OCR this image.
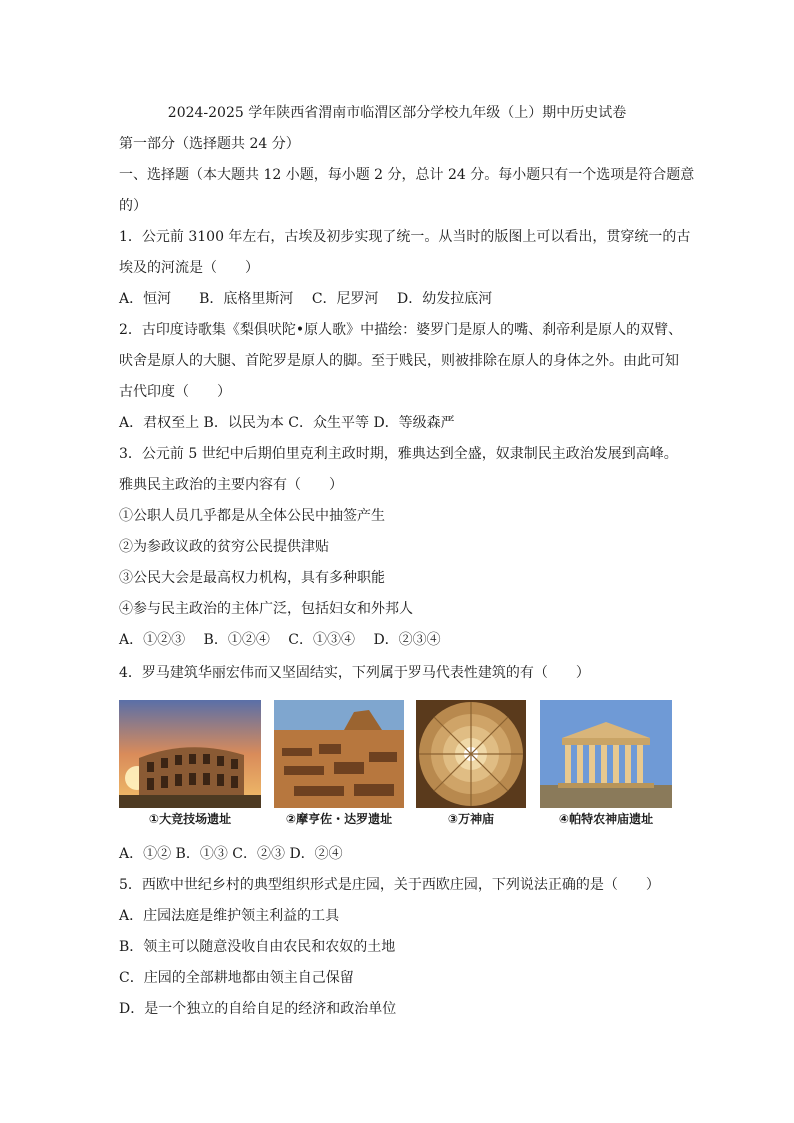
2024-2025 学年陕西省渭南市临渭区部分学校九年级（上）期中历史试卷
第一部分（选择题共 24 分）
一、选择题（本大题共 12 小题，每小题 2 分，总计 24 分。每小题只有一个选项是符合题意
的）
1．公元前 3100 年左右，古埃及初步实现了统一。从当时的版图上可以看出，贯穿统一的古
埃及的河流是（　　）
A．恒河　　B．底格里斯河　 C．尼罗河　 D．幼发拉底河
2．古印度诗歌集《梨俱吠陀•原人歌》中描绘：婆罗门是原人的嘴、刹帝利是原人的双臂、
吠舍是原人的大腿、首陀罗是原人的脚。至于贱民，则被排除在原人的身体之外。由此可知
古代印度（　　）
A．君权至上 B．以民为本 C．众生平等 D．等级森严
3．公元前 5 世纪中后期伯里克利主政时期，雅典达到全盛，奴隶制民主政治发展到高峰。
雅典民主政治的主要内容有（　　）
①公职人员几乎都是从全体公民中抽签产生
②为参政议政的贫穷公民提供津贴
③公民大会是最高权力机构，具有多种职能
④参与民主政治的主体广泛，包括妇女和外邦人
A．①②③　 B．①②④　 C．①③④　 D．②③④
4．罗马建筑华丽宏伟而又坚固结实，下列属于罗马代表性建筑的有（　　）
①大竞技场遗址	②摩亨佐・达罗遗址	③万神庙	④帕特农神庙遗址
A．①② B．①③ C．②③ D．②④
5．西欧中世纪乡村的典型组织形式是庄园，关于西欧庄园，下列说法正确的是（　　）
A．庄园法庭是维护领主利益的工具
B．领主可以随意没收自由农民和农奴的土地
C．庄园的全部耕地都由领主自己保留
D．是一个独立的自给自足的经济和政治单位
